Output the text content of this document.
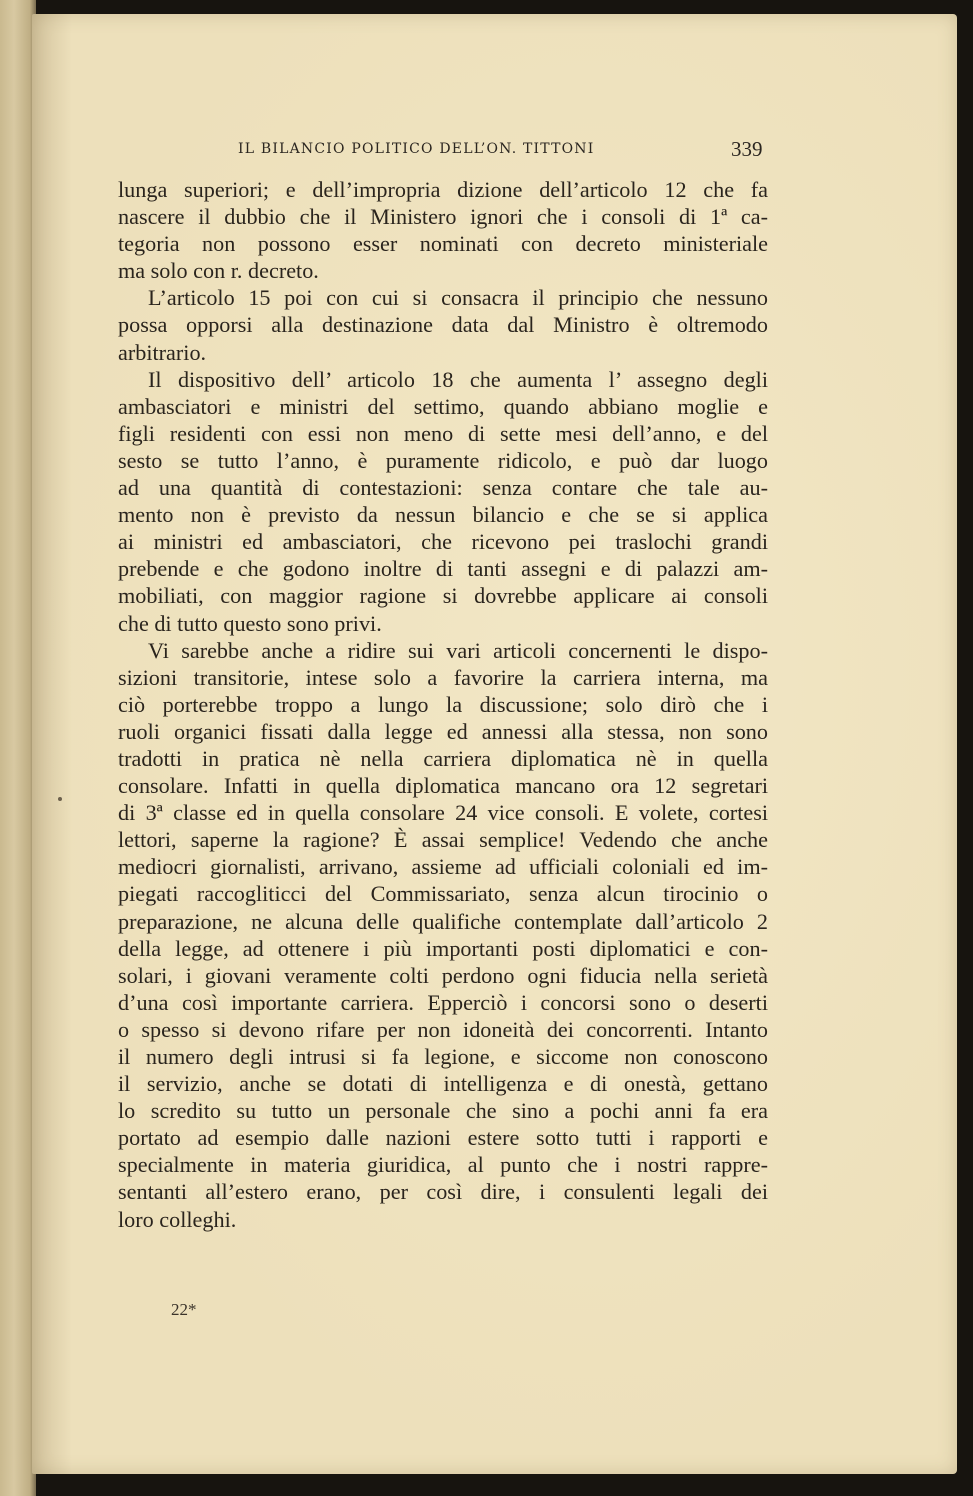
IL BILANCIO POLITICO DELL’ON. TITTONI	339
lunga superiori; e dell’impropria dizione dell’articolo 12 che fa
nascere il dubbio che il Ministero ignori che i consoli di 1ª ca-
tegoria non possono esser nominati con decreto ministeriale
ma solo con r. decreto.
L’articolo 15 poi con cui si consacra il principio che nessuno
possa opporsi alla destinazione data dal Ministro è oltremodo
arbitrario.
Il dispositivo dell’ articolo 18 che aumenta l’ assegno degli
ambasciatori e ministri del settimo, quando abbiano moglie e
figli residenti con essi non meno di sette mesi dell’anno, e del
sesto se tutto l’anno, è puramente ridicolo, e può dar luogo
ad una quantità di contestazioni: senza contare che tale au-
mento non è previsto da nessun bilancio e che se si applica
ai ministri ed ambasciatori, che ricevono pei traslochi grandi
prebende e che godono inoltre di tanti assegni e di palazzi am-
mobiliati, con maggior ragione si dovrebbe applicare ai consoli
che di tutto questo sono privi.
Vi sarebbe anche a ridire sui vari articoli concernenti le dispo-
sizioni transitorie, intese solo a favorire la carriera interna, ma
ciò porterebbe troppo a lungo la discussione; solo dirò che i
ruoli organici fissati dalla legge ed annessi alla stessa, non sono
tradotti in pratica nè nella carriera diplomatica nè in quella
consolare. Infatti in quella diplomatica mancano ora 12 segretari
di 3ª classe ed in quella consolare 24 vice consoli. E volete, cortesi
lettori, saperne la ragione? È assai semplice! Vedendo che anche
mediocri giornalisti, arrivano, assieme ad ufficiali coloniali ed im-
piegati raccogliticci del Commissariato, senza alcun tirocinio o
preparazione, ne alcuna delle qualifiche contemplate dall’articolo 2
della legge, ad ottenere i più importanti posti diplomatici e con-
solari, i giovani veramente colti perdono ogni fiducia nella serietà
d’una così importante carriera. Epperciò i concorsi sono o deserti
o spesso si devono rifare per non idoneità dei concorrenti. Intanto
il numero degli intrusi si fa legione, e siccome non conoscono
il servizio, anche se dotati di intelligenza e di onestà, gettano
lo scredito su tutto un personale che sino a pochi anni fa era
portato ad esempio dalle nazioni estere sotto tutti i rapporti e
specialmente in materia giuridica, al punto che i nostri rappre-
sentanti all’estero erano, per così dire, i consulenti legali dei
loro colleghi.
22*
